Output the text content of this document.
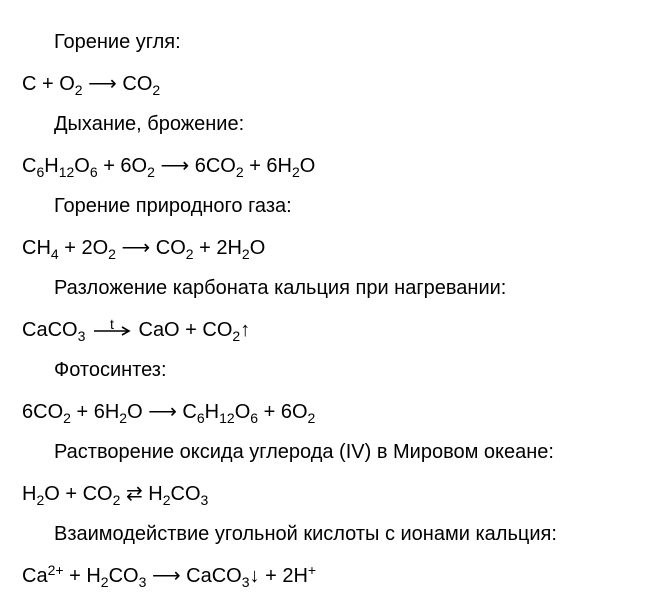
Горение угля:
$C + O_2$ ⟶ $CO_2$
Дыхание, брожение:
$C_6H_{12}O_6 + 6O_2$ ⟶ $6CO_2 + 6H_2O$
Горение природного газа:
$CH_4 + 2O_2$ ⟶ $CO_2 + 2H_2O$
Разложение карбоната кальция при нагревании:
CaCO$_3$
t CaO + $CO_2↑$
Фотосинтез:
$6CO_2 + 6H_2O$ ⟶ $C_6H_{12}O_6 + 6O_2$
Растворение оксида углерода (IV) в Мировом океане:
$H_2O + CO_2$ ⇄ $H_2CO_3$
Взаимодействие угольной кислоты с ионами кальция:
$Ca^{2+} + H_2CO_3$ ⟶ CaCO$_3$↓ + 2H+
